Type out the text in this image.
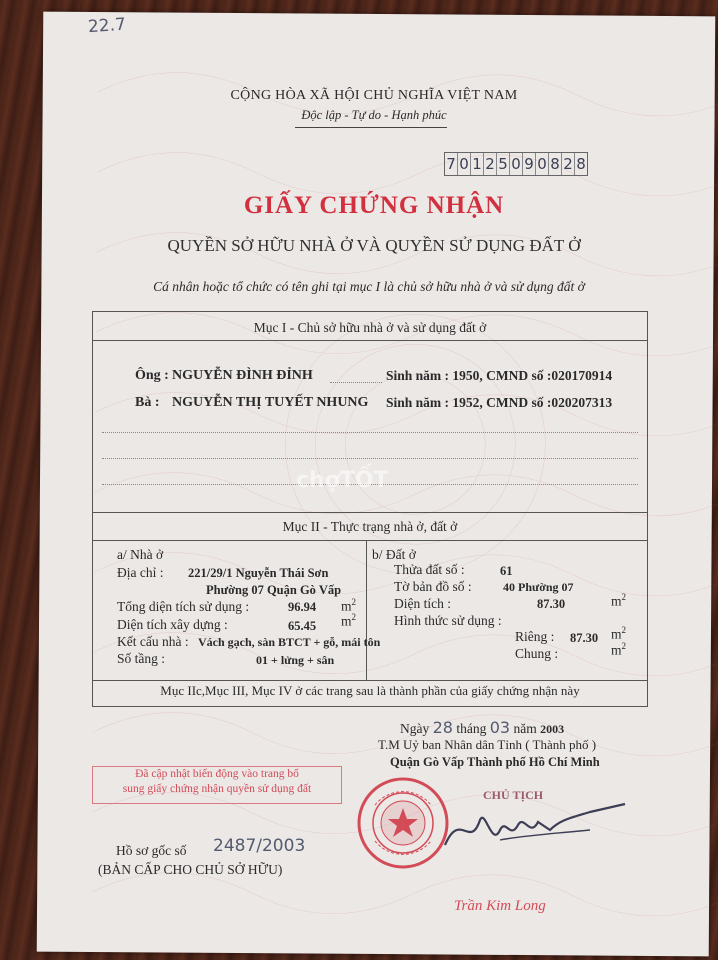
22.7
CỘNG HÒA XÃ HỘI CHỦ NGHĨA VIỆT NAM
Độc lập - Tự do - Hạnh phúc
7 0 1 2 5 0 9 0 8 2 8
GIẤY CHỨNG NHẬN
QUYỀN SỞ HỮU NHÀ Ở VÀ QUYỀN SỬ DỤNG ĐẤT Ở
Cá nhân hoặc tổ chức có tên ghi tại mục I là chủ sở hữu nhà ở và sử dụng đất ở
Mục I - Chủ sở hữu nhà ở và sử dụng đất ở
Ông : NGUYỄN ĐÌNH ĐỈNH	Sinh năm : 1950, CMND số :020170914
Bà : NGUYỄN THỊ TUYẾT NHUNG Sinh năm : 1952, CMND số :020207313
chợTỐT
Mục II - Thực trạng nhà ở, đất ở
a/ Nhà ở
Địa chỉ : 221/29/1 Nguyễn Thái Sơn
Phường 07 Quận Gò Vấp
Tổng diện tích sử dụng :	96.94 $m^2$
Diện tích xây dựng :	65.45 $m^2$
Kết cấu nhà : Vách gạch, sàn BTCT + gỗ, mái tôn
Số tầng :	01 + lửng + sân
b/ Đất ở
Thửa đất số :	61
Tờ bản đồ số :	40 Phường 07
Diện tích :	87.30	$m^2$
Hình thức sử dụng :
Riêng : 87.30 $m^2$
Chung :	$m^2$
Mục IIc,Mục III, Mục IV ở các trang sau là thành phần của giấy chứng nhận này
Ngày 28 tháng 03 năm 2003
T.M Uỷ ban Nhân dân Tỉnh ( Thành phố )
Quận Gò Vấp Thành phố Hồ Chí Minh
Đã cập nhật biến động vào trang bổ
sung giấy chứng nhận quyền sử dụng đất	CHỦ TỊCH
Hồ sơ gốc số 2487/2003
(BẢN CẤP CHO CHỦ SỞ HỮU)
Trần Kim Long
